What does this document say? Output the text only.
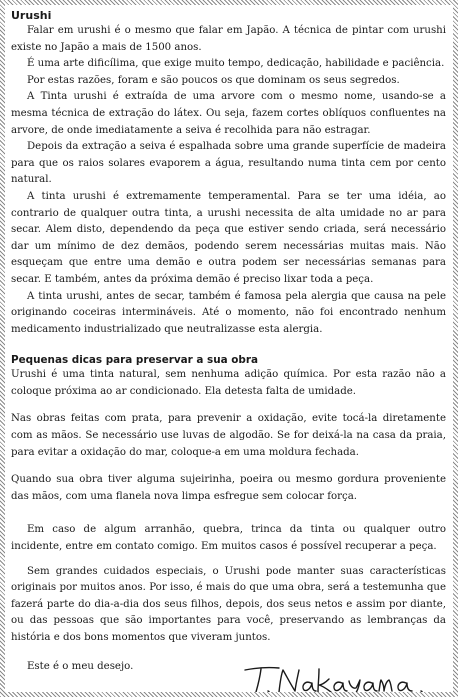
Urushi

Falar em urushi é o mesmo que falar em Japão. A técnica de pintar com urushi existe no Japão a mais de 1500 anos.

É uma arte dificílima, que exige muito tempo, dedicação, habilidade e paciência.

Por estas razões, foram e são poucos os que dominam os seus segredos.

A Tinta urushi é extraída de uma arvore com o mesmo nome, usando-se a mesma técnica de extração do látex. Ou seja, fazem cortes oblíquos confluentes na arvore, de onde imediatamente a seiva é recolhida para não estragar.

Depois da extração a seiva é espalhada sobre uma grande superfície de madeira para que os raios solares evaporem a água, resultando numa tinta cem por cento natural.

A tinta urushi é extremamente temperamental. Para se ter uma idéia, ao contrario de qualquer outra tinta, a urushi necessita de alta umidade no ar para secar. Alem disto, dependendo da peça que estiver sendo criada, será necessário dar um mínimo de dez demãos, podendo serem necessárias muitas mais. Não esqueçam que entre uma demão e outra podem ser necessárias semanas para secar. E também, antes da próxima demão é preciso lixar toda a peça.

A tinta urushi, antes de secar, também é famosa pela alergia que causa na pele originando coceiras intermináveis. Até o momento, não foi encontrado nenhum medicamento industrializado que neutralizasse esta alergia.

Pequenas dicas para preservar a sua obra

Urushi é uma tinta natural, sem nenhuma adição química. Por esta razão não a coloque próxima ao ar condicionado. Ela detesta falta de umidade.

Nas obras feitas com prata, para prevenir a oxidação, evite tocá-la diretamente com as mãos. Se necessário use luvas de algodão. Se for deixá-la na casa da praia, para evitar a oxidação do mar, coloque-a em uma moldura fechada.

Quando sua obra tiver alguma sujeirinha, poeira ou mesmo gordura proveniente das mãos, com uma flanela nova limpa esfregue sem colocar força.

Em caso de algum arranhão, quebra, trinca da tinta ou qualquer outro incidente, entre em contato comigo. Em muitos casos é possível recuperar a peça.

Sem grandes cuidados especiais, o Urushi pode manter suas características originais por muitos anos. Por isso, é mais do que uma obra, será a testemunha que fazerá parte do dia-a-dia dos seus filhos, depois, dos seus netos e assim por diante, ou das pessoas que são importantes para você, preservando as lembranças da história e dos bons momentos que viveram juntos.

Este é o meu desejo.
